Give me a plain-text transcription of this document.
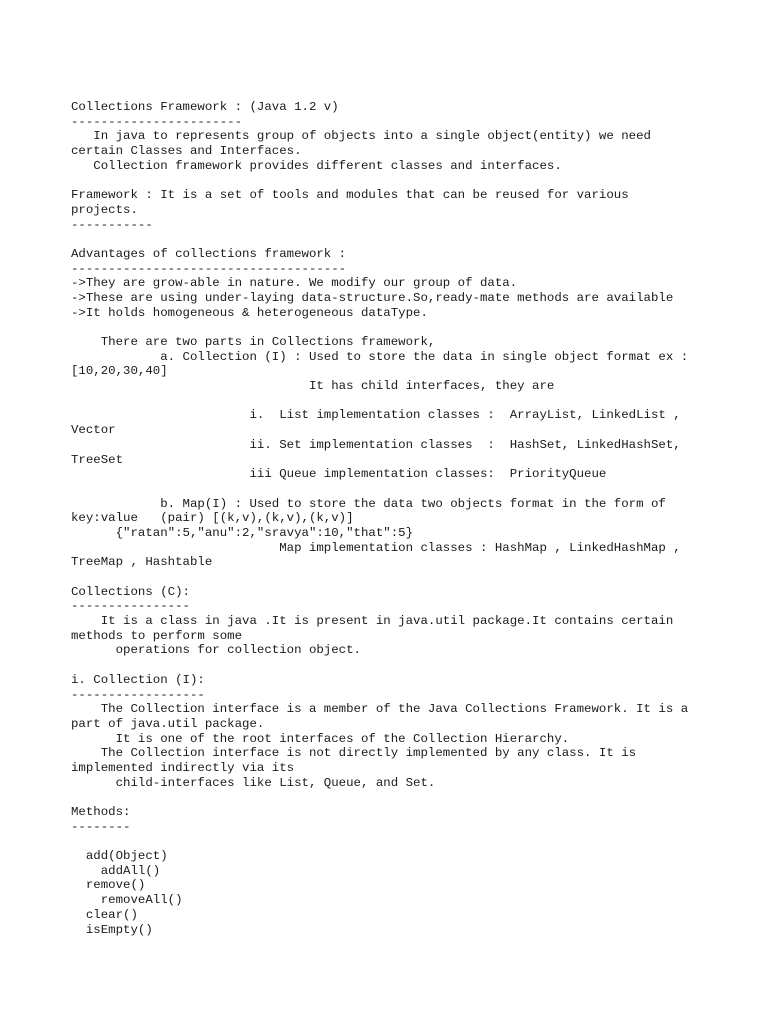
Collections Framework : (Java 1.2 v)
-----------------------
In java to represents group of objects into a single object(entity) we need
certain Classes and Interfaces.
Collection framework provides different classes and interfaces.
Framework : It is a set of tools and modules that can be reused for various
projects.
-----------
Advantages of collections framework :
-------------------------------------
->They are grow-able in nature. We modify our group of data.
->These are using under-laying data-structure.So,ready-mate methods are available
->It holds homogeneous & heterogeneous dataType.
There are two parts in Collections framework,
a. Collection (I) : Used to store the data in single object format ex :
[10,20,30,40]
It has child interfaces, they are
i.  List implementation classes :  ArrayList, LinkedList ,
Vector
ii. Set implementation classes  :  HashSet, LinkedHashSet,
TreeSet
iii Queue implementation classes:  PriorityQueue
b. Map(I) : Used to store the data two objects format in the form of
key:value   (pair) [(k,v),(k,v),(k,v)]
{"ratan":5,"anu":2,"sravya":10,"that":5}
Map implementation classes : HashMap , LinkedHashMap ,
TreeMap , Hashtable
Collections (C):
----------------
It is a class in java .It is present in java.util package.It contains certain
methods to perform some
operations for collection object.
i. Collection (I):
------------------
The Collection interface is a member of the Java Collections Framework. It is a
part of java.util package.
It is one of the root interfaces of the Collection Hierarchy.
The Collection interface is not directly implemented by any class. It is
implemented indirectly via its
child-interfaces like List, Queue, and Set.
Methods:
--------
add(Object)
addAll()
remove()
removeAll()
clear()
isEmpty()
